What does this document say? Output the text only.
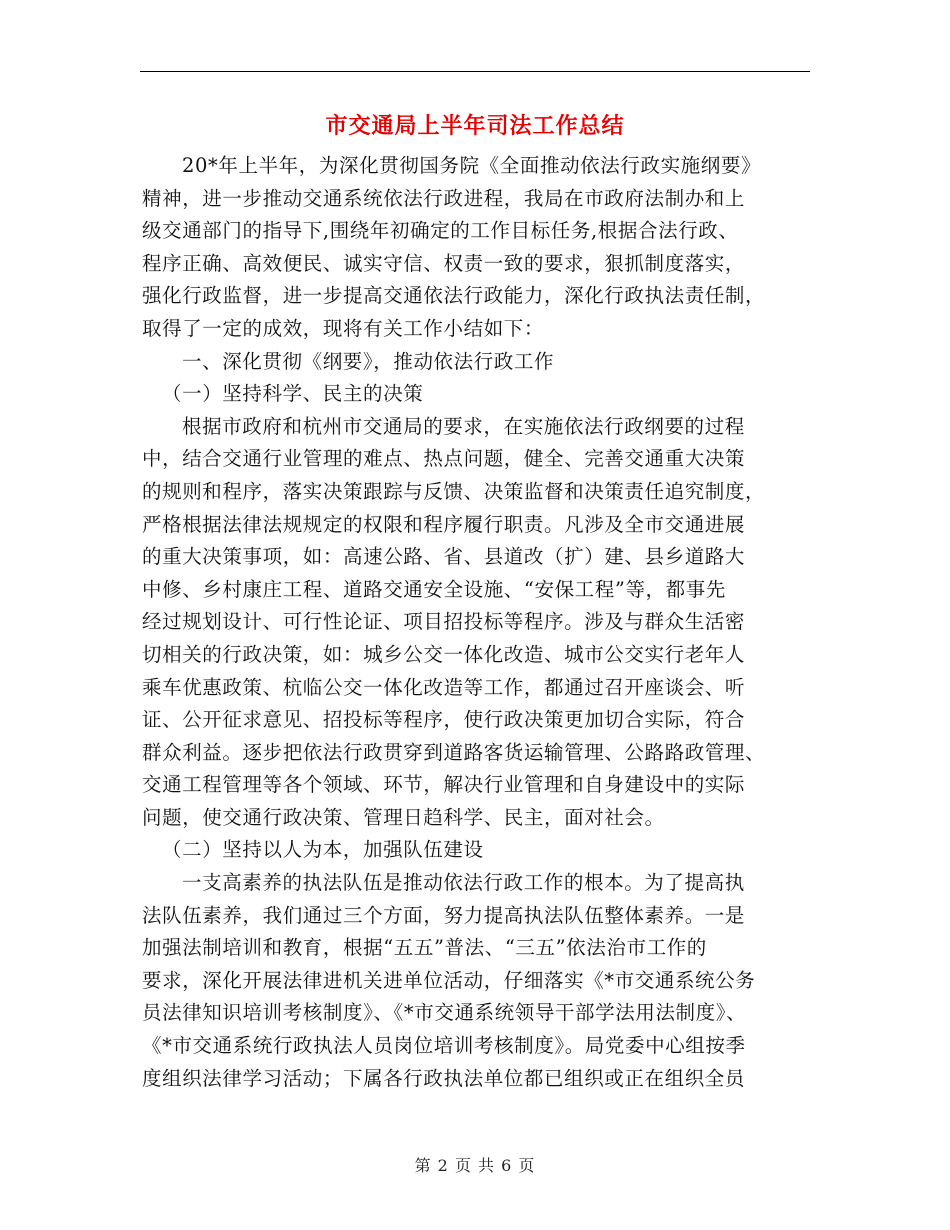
市交通局上半年司法工作总结
20*年上半年，为深化贯彻国务院《全面推动依法行政实施纲要》
精神，进一步推动交通系统依法行政进程，我局在市政府法制办和上
级交通部门的指导下,围绕年初确定的工作目标任务,根据合法行政、
程序正确、高效便民、诚实守信、权责一致的要求，狠抓制度落实，
强化行政监督，进一步提高交通依法行政能力，深化行政执法责任制，
取得了一定的成效，现将有关工作小结如下：
一、深化贯彻《纲要》，推动依法行政工作
（一）坚持科学、民主的决策
根据市政府和杭州市交通局的要求，在实施依法行政纲要的过程
中，结合交通行业管理的难点、热点问题，健全、完善交通重大决策
的规则和程序，落实决策跟踪与反馈、决策监督和决策责任追究制度，
严格根据法律法规规定的权限和程序履行职责。凡涉及全市交通进展
的重大决策事项，如：高速公路、省、县道改（扩）建、县乡道路大
中修、乡村康庄工程、道路交通安全设施、“安保工程”等，都事先
经过规划设计、可行性论证、项目招投标等程序。涉及与群众生活密
切相关的行政决策，如：城乡公交一体化改造、城市公交实行老年人
乘车优惠政策、杭临公交一体化改造等工作，都通过召开座谈会、听
证、公开征求意见、招投标等程序，使行政决策更加切合实际，符合
群众利益。逐步把依法行政贯穿到道路客货运输管理、公路路政管理、
交通工程管理等各个领域、环节，解决行业管理和自身建设中的实际
问题，使交通行政决策、管理日趋科学、民主，面对社会。
（二）坚持以人为本，加强队伍建设
一支高素养的执法队伍是推动依法行政工作的根本。为了提高执
法队伍素养，我们通过三个方面，努力提高执法队伍整体素养。一是
加强法制培训和教育，根据“五五”普法、“三五”依法治市工作的
要求，深化开展法律进机关进单位活动，仔细落实《*市交通系统公务
员法律知识培训考核制度》、《*市交通系统领导干部学法用法制度》、
《*市交通系统行政执法人员岗位培训考核制度》。局党委中心组按季
度组织法律学习活动；下属各行政执法单位都已组织或正在组织全员
第 2 页 共 6 页
